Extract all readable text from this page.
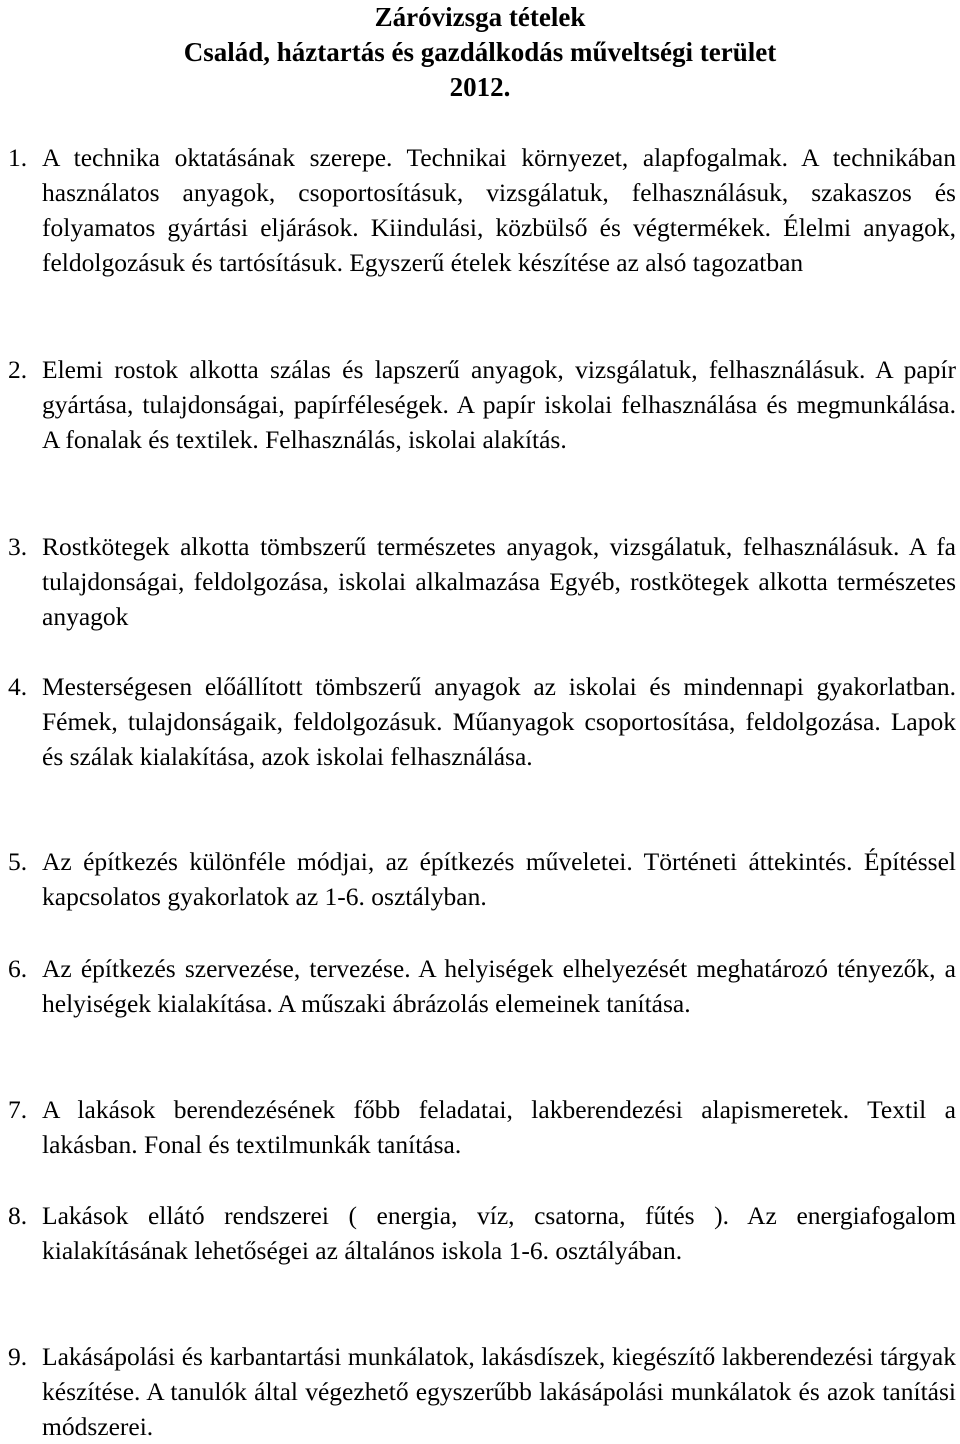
Záróvizsga tételek

Család, háztartás és gazdálkodás műveltségi terület

2012.

1. A technika oktatásának szerepe. Technikai környezet, alapfogalmak. A technikában használatos anyagok, csoportosításuk, vizsgálatuk, felhasználásuk, szakaszos és folyamatos gyártási eljárások. Kiindulási, közbülső és végtermékek. Élelmi anyagok, feldolgozásuk és tartósításuk. Egyszerű ételek készítése az alsó tagozatban
2. Elemi rostok alkotta szálas és lapszerű anyagok, vizsgálatuk, felhasználásuk. A papír gyártása, tulajdonságai, papírféleségek. A papír iskolai felhasználása és megmunkálása. A fonalak és textilek. Felhasználás, iskolai alakítás.
3. Rostkötegek alkotta tömbszerű természetes anyagok, vizsgálatuk, felhasználásuk. A fa tulajdonságai, feldolgozása, iskolai alkalmazása Egyéb, rostkötegek alkotta természetes anyagok
4. Mesterségesen előállított tömbszerű anyagok az iskolai és mindennapi gyakorlatban. Fémek, tulajdonságaik, feldolgozásuk. Műanyagok csoportosítása, feldolgozása. Lapok és szálak kialakítása, azok iskolai felhasználása.
5. Az építkezés különféle módjai, az építkezés műveletei. Történeti áttekintés. Építéssel kapcsolatos gyakorlatok az 1-6. osztályban.
6. Az építkezés szervezése, tervezése. A helyiségek elhelyezését meghatározó tényezők, a helyiségek kialakítása. A műszaki ábrázolás elemeinek tanítása.
7. A lakások berendezésének főbb feladatai, lakberendezési alapismeretek. Textil a lakásban. Fonal és textilmunkák tanítása.
8. Lakások ellátó rendszerei ( energia, víz, csatorna, fűtés ). Az energiafogalom kialakításának lehetőségei az általános iskola 1-6. osztályában.
9. Lakásápolási és karbantartási munkálatok, lakásdíszek, kiegészítő lakberendezési tárgyak készítése. A tanulók által végezhető egyszerűbb lakásápolási munkálatok és azok tanítási módszerei.
